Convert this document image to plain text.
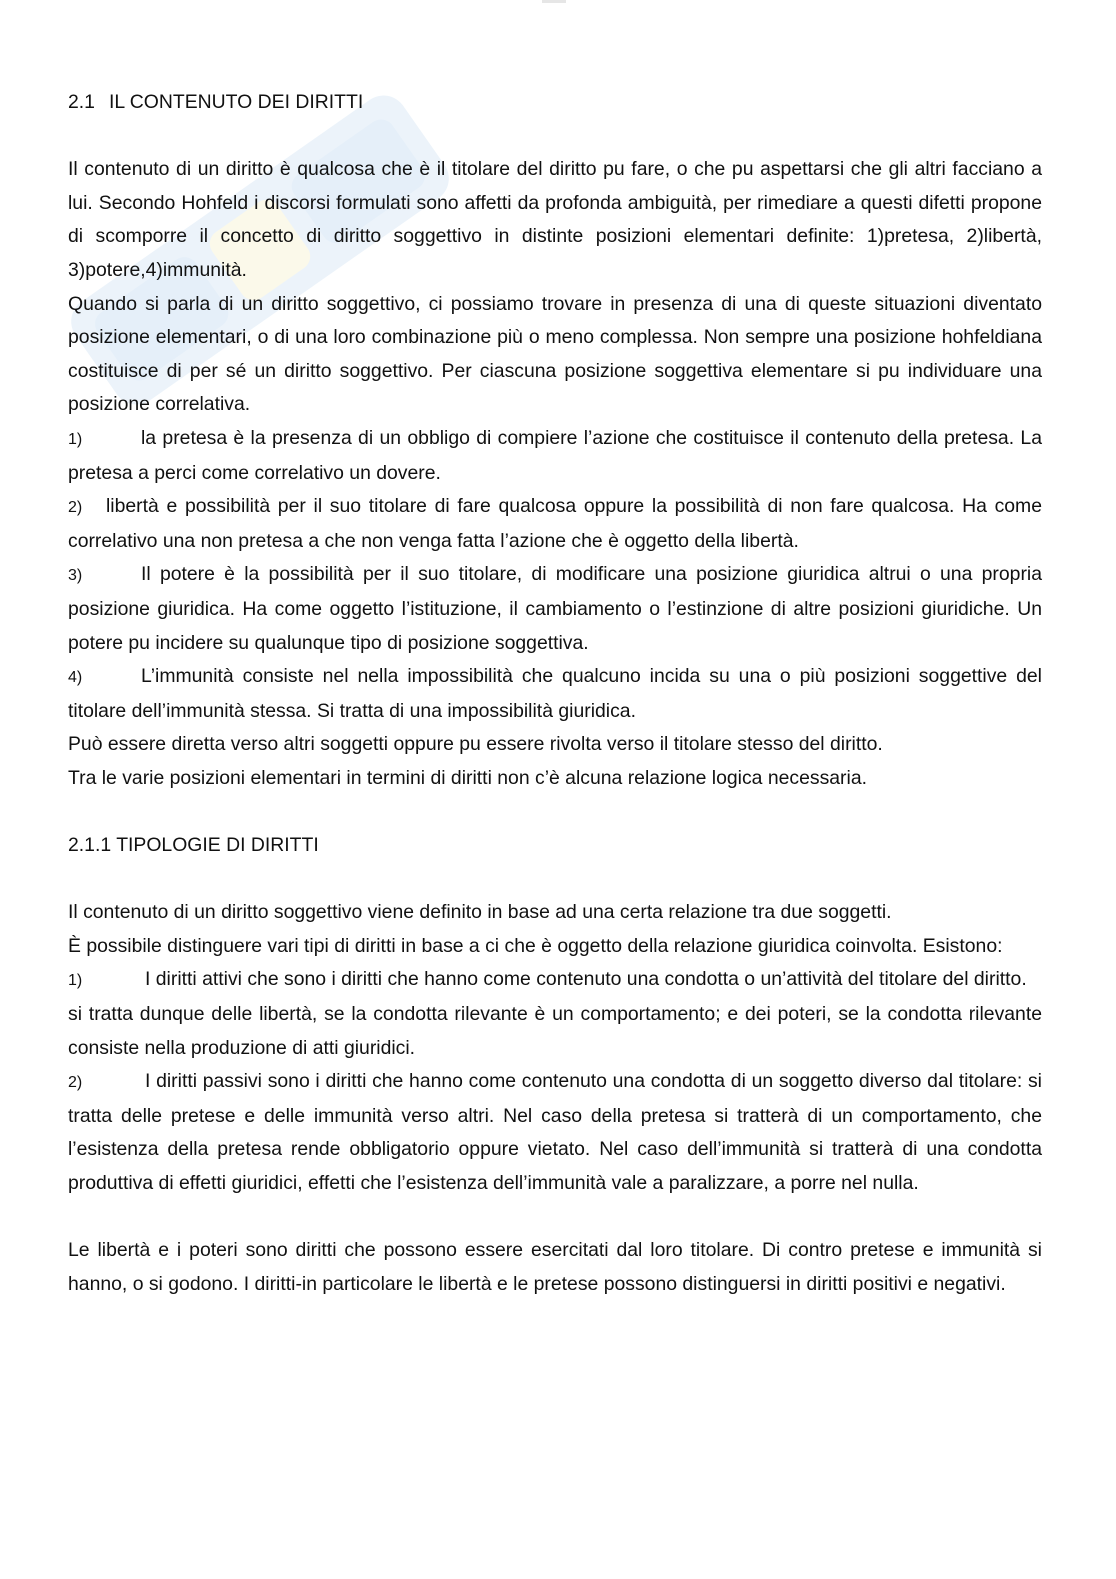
2.1 IL CONTENUTO DEI DIRITTI

Il contenuto di un diritto è qualcosa che è il titolare del diritto pu fare, o che pu aspettarsi che gli altri facciano a lui. Secondo Hohfeld i discorsi formulati sono affetti da profonda ambiguità, per rimediare a questi difetti propone di scomporre il concetto di diritto soggettivo in distinte posizioni elementari definite: 1)pretesa, 2)libertà, 3)potere,4)immunità.

Quando si parla di un diritto soggettivo, ci possiamo trovare in presenza di una di queste situazioni diventato posizione elementari, o di una loro combinazione più o meno complessa. Non sempre una posizione hohfeldiana costituisce di per sé un diritto soggettivo. Per ciascuna posizione soggettiva elementare si pu individuare una posizione correlativa.

1)	la pretesa è la presenza di un obbligo di compiere l’azione che costituisce il contenuto della pretesa. La pretesa a perci come correlativo un dovere.

2) libertà e possibilità per il suo titolare di fare qualcosa oppure la possibilità di non fare qualcosa. Ha come correlativo una non pretesa a che non venga fatta l’azione che è oggetto della libertà.

3)	Il potere è la possibilità per il suo titolare, di modificare una posizione giuridica altrui o una propria posizione giuridica. Ha come oggetto l’istituzione, il cambiamento o l’estinzione di altre posizioni giuridiche. Un potere pu incidere su qualunque tipo di posizione soggettiva.

4)	L’immunità consiste nel nella impossibilità che qualcuno incida su una o più posizioni soggettive del titolare dell’immunità stessa. Si tratta di una impossibilità giuridica.

Può essere diretta verso altri soggetti oppure pu essere rivolta verso il titolare stesso del diritto.

Tra le varie posizioni elementari in termini di diritti non c’è alcuna relazione logica necessaria.

2.1.1 TIPOLOGIE DI DIRITTI

Il contenuto di un diritto soggettivo viene definito in base ad una certa relazione tra due soggetti.

È possibile distinguere vari tipi di diritti in base a ci che è oggetto della relazione giuridica coinvolta. Esistono:

1)	I diritti attivi che sono i diritti che hanno come contenuto una condotta o un’attività del titolare del diritto.

si tratta dunque delle libertà, se la condotta rilevante è un comportamento; e dei poteri, se la condotta rilevante consiste nella produzione di atti giuridici.

2)	I diritti passivi sono i diritti che hanno come contenuto una condotta di un soggetto diverso dal titolare: si tratta delle pretese e delle immunità verso altri. Nel caso della pretesa si tratterà di un comportamento, che l’esistenza della pretesa rende obbligatorio oppure vietato. Nel caso dell’immunità si tratterà di una condotta produttiva di effetti giuridici, effetti che l’esistenza dell’immunità vale a paralizzare, a porre nel nulla.

Le libertà e i poteri sono diritti che possono essere esercitati dal loro titolare. Di contro pretese e immunità si hanno, o si godono. I diritti-in particolare le libertà e le pretese possono distinguersi in diritti positivi e negativi.
